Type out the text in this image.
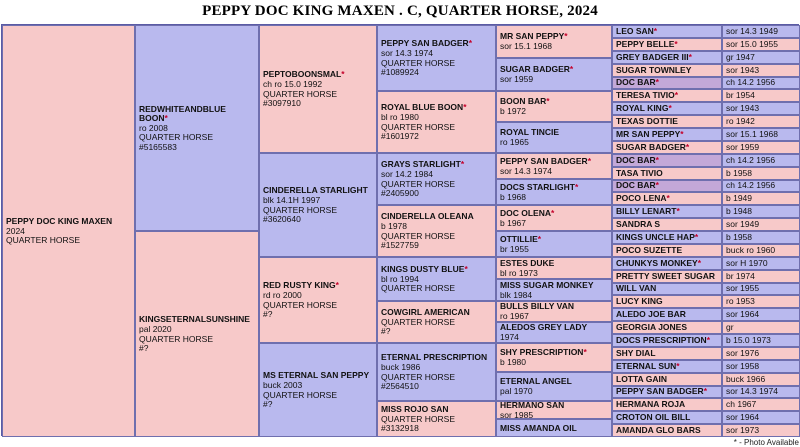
PEPPY DOC KING MAXEN . C, QUARTER HORSE, 2024
PEPPY DOC KING MAXEN
2024
QUARTER HORSE
REDWHITEANDBLUE BOON*
ro 2008
QUARTER HORSE
#5165583
KINGSETERNALSUNSHINE
pal 2020
QUARTER HORSE
#?
PEPTOBOONSMAL*
ch ro 15.0 1992
QUARTER HORSE
#3097910
CINDERELLA STARLIGHT
blk 14.1H 1997
QUARTER HORSE
#3620640
RED RUSTY KING*
rd ro 2000
QUARTER HORSE
#?
MS ETERNAL SAN PEPPY
buck 2003
QUARTER HORSE
#?
PEPPY SAN BADGER*
sor 14.3 1974
QUARTER HORSE
#1089924
ROYAL BLUE BOON*
bl ro 1980
QUARTER HORSE
#1601972
GRAYS STARLIGHT*
sor 14.2 1984
QUARTER HORSE
#2405900
CINDERELLA OLEANA
b 1978
QUARTER HORSE
#1527759
KINGS DUSTY BLUE*
bl ro 1994
QUARTER HORSE
COWGIRL AMERICAN
QUARTER HORSE
#?
ETERNAL PRESCRIPTION
buck 1986
QUARTER HORSE
#2564510
MISS ROJO SAN
QUARTER HORSE
#3132918
MR SAN PEPPY*
sor 15.1 1968
SUGAR BADGER*
sor 1959
BOON BAR*
b 1972
ROYAL TINCIE
ro 1965
PEPPY SAN BADGER*
sor 14.3 1974
DOCS STARLIGHT*
b 1968
DOC OLENA*
b 1967
OTTILLIE*
br 1955
ESTES DUKE
bl ro 1973
MISS SUGAR MONKEY
blk 1984
BULLS BILLY VAN
ro 1967
ALEDOS GREY LADY
1974
SHY PRESCRIPTION*
b 1980
ETERNAL ANGEL
pal 1970
HERMANO SAN
sor 1985
MISS AMANDA OIL
LEO SAN*	sor 14.3 1949
PEPPY BELLE*	sor 15.0 1955
GREY BADGER III*	gr 1947
SUGAR TOWNLEY	sor 1943
DOC BAR*	ch 14.2 1956
TERESA TIVIO*	br 1954
ROYAL KING*	sor 1943
TEXAS DOTTIE	ro 1942
MR SAN PEPPY*	sor 15.1 1968
SUGAR BADGER*	sor 1959
DOC BAR*	ch 14.2 1956
TASA TIVIO	b 1958
DOC BAR*	ch 14.2 1956
POCO LENA*	b 1949
BILLY LENART*	b 1948
SANDRA S	sor 1949
KINGS UNCLE HAP*	b 1958
POCO SUZETTE	buck ro 1960
CHUNKYS MONKEY*	sor H 1970
PRETTY SWEET SUGAR br 1974
WILL VAN	sor 1955
LUCY KING	ro 1953
ALEDO JOE BAR	sor 1964
GEORGIA JONES	gr
DOCS PRESCRIPTION* b 15.0 1973
SHY DIAL	sor 1976
ETERNAL SUN*	sor 1958
LOTTA GAIN	buck 1966
PEPPY SAN BADGER* sor 14.3 1974
HERMANA ROJA	ch 1967
CROTON OIL BILL	sor 1964
AMANDA GLO BARS	sor 1973
* - Photo Available
